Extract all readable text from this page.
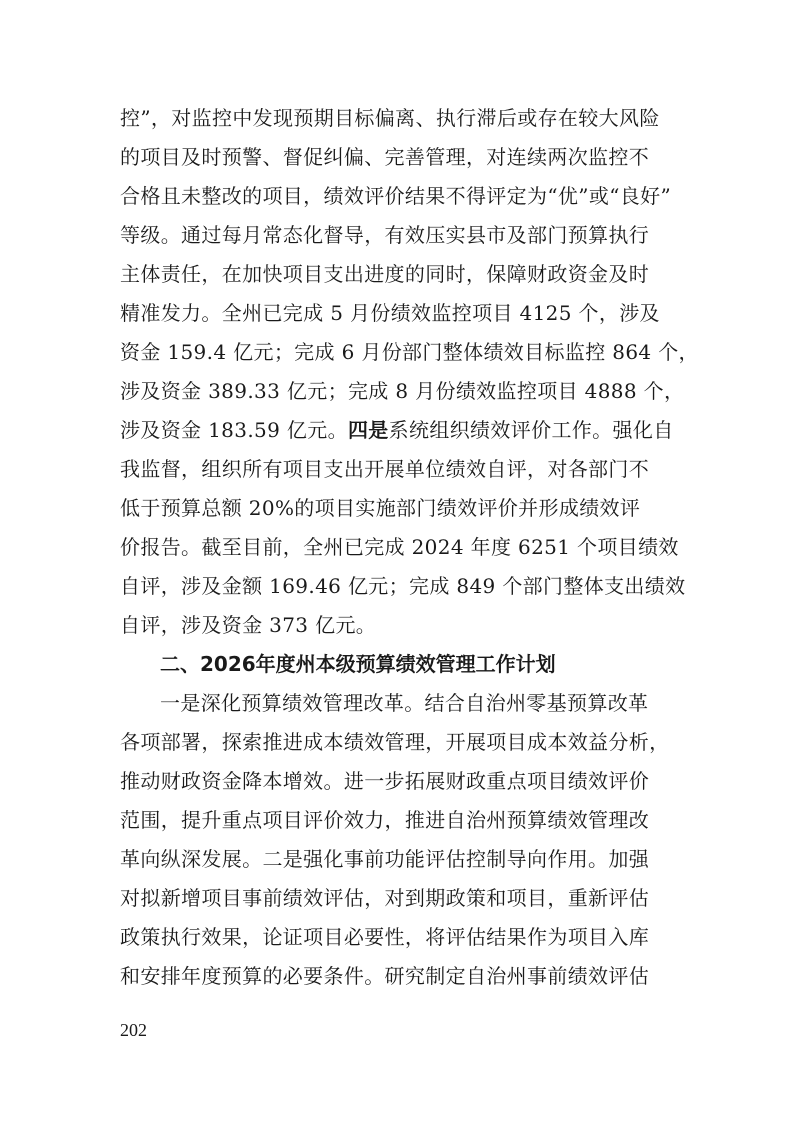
控”，对监控中发现预期目标偏离、执行滞后或存在较大风险
的项目及时预警、督促纠偏、完善管理，对连续两次监控不
合格且未整改的项目，绩效评价结果不得评定为“优”或“良好”
等级。通过每月常态化督导，有效压实县市及部门预算执行
主体责任，在加快项目支出进度的同时，保障财政资金及时
精准发力。全州已完成 5 月份绩效监控项目 4125 个，涉及
资金 159.4 亿元；完成 6 月份部门整体绩效目标监控 864 个，
涉及资金 389.33 亿元；完成 8 月份绩效监控项目 4888 个，
涉及资金 183.59 亿元。四是系统组织绩效评价工作。强化自
我监督，组织所有项目支出开展单位绩效自评，对各部门不
低于预算总额 20%的项目实施部门绩效评价并形成绩效评
价报告。截至目前，全州已完成 2024 年度 6251 个项目绩效
自评，涉及金额 169.46 亿元；完成 849 个部门整体支出绩效
自评，涉及资金 373 亿元。
二、2026年度州本级预算绩效管理工作计划
一是深化预算绩效管理改革。结合自治州零基预算改革
各项部署，探索推进成本绩效管理，开展项目成本效益分析，
推动财政资金降本增效。进一步拓展财政重点项目绩效评价
范围，提升重点项目评价效力，推进自治州预算绩效管理改
革向纵深发展。二是强化事前功能评估控制导向作用。加强
对拟新增项目事前绩效评估，对到期政策和项目，重新评估
政策执行效果，论证项目必要性，将评估结果作为项目入库
和安排年度预算的必要条件。研究制定自治州事前绩效评估
202
